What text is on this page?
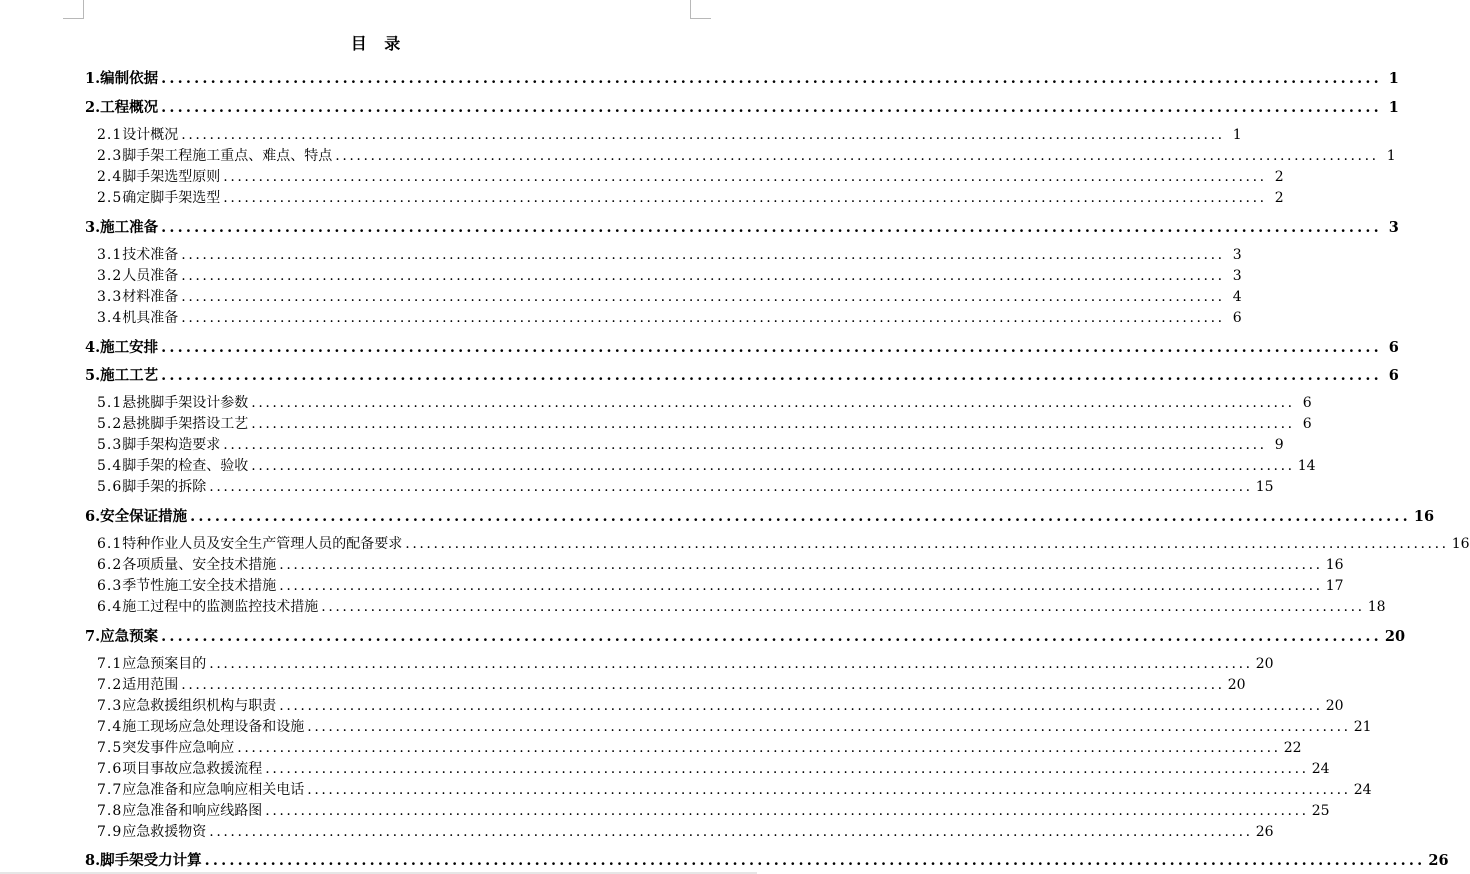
目 录
1. 编制依据 .................................................................................................................................................... 1
2. 工程概况 .................................................................................................................................................... 1
2.1 设计概况 .................................................................................................................................................... 1
2.3 脚手架工程施工重点、难点、特点 .................................................................................................................................................... 1
2.4 脚手架选型原则 .................................................................................................................................................... 2
2.5 确定脚手架选型 .................................................................................................................................................... 2
3. 施工准备 .................................................................................................................................................... 3
3.1 技术准备 .................................................................................................................................................... 3
3.2 人员准备 .................................................................................................................................................... 3
3.3 材料准备 .................................................................................................................................................... 4
3.4 机具准备 .................................................................................................................................................... 6
4. 施工安排 .................................................................................................................................................... 6
5. 施工工艺 .................................................................................................................................................... 6
5.1 悬挑脚手架设计参数 .................................................................................................................................................... 6
5.2 悬挑脚手架搭设工艺 .................................................................................................................................................... 6
5.3 脚手架构造要求 .................................................................................................................................................... 9
5.4 脚手架的检查、验收 .................................................................................................................................................... 14
5.6 脚手架的拆除 .................................................................................................................................................... 15
6. 安全保证措施 .................................................................................................................................................... 16
6.1 特种作业人员及安全生产管理人员的配备要求 .................................................................................................................................................... 16
6.2 各项质量、安全技术措施 .................................................................................................................................................... 16
6.3 季节性施工安全技术措施 .................................................................................................................................................... 17
6.4 施工过程中的监测监控技术措施 .................................................................................................................................................... 18
7. 应急预案 .................................................................................................................................................... 20
7.1 应急预案目的 .................................................................................................................................................... 20
7.2 适用范围 .................................................................................................................................................... 20
7.3 应急救援组织机构与职责 .................................................................................................................................................... 20
7.4 施工现场应急处理设备和设施 .................................................................................................................................................... 21
7.5 突发事件应急响应 .................................................................................................................................................... 22
7.6 项目事故应急救援流程 .................................................................................................................................................... 24
7.7 应急准备和应急响应相关电话 .................................................................................................................................................... 24
7.8 应急准备和响应线路图 .................................................................................................................................................... 25
7.9 应急救援物资 .................................................................................................................................................... 26
8. 脚手架受力计算 .................................................................................................................................................... 26
